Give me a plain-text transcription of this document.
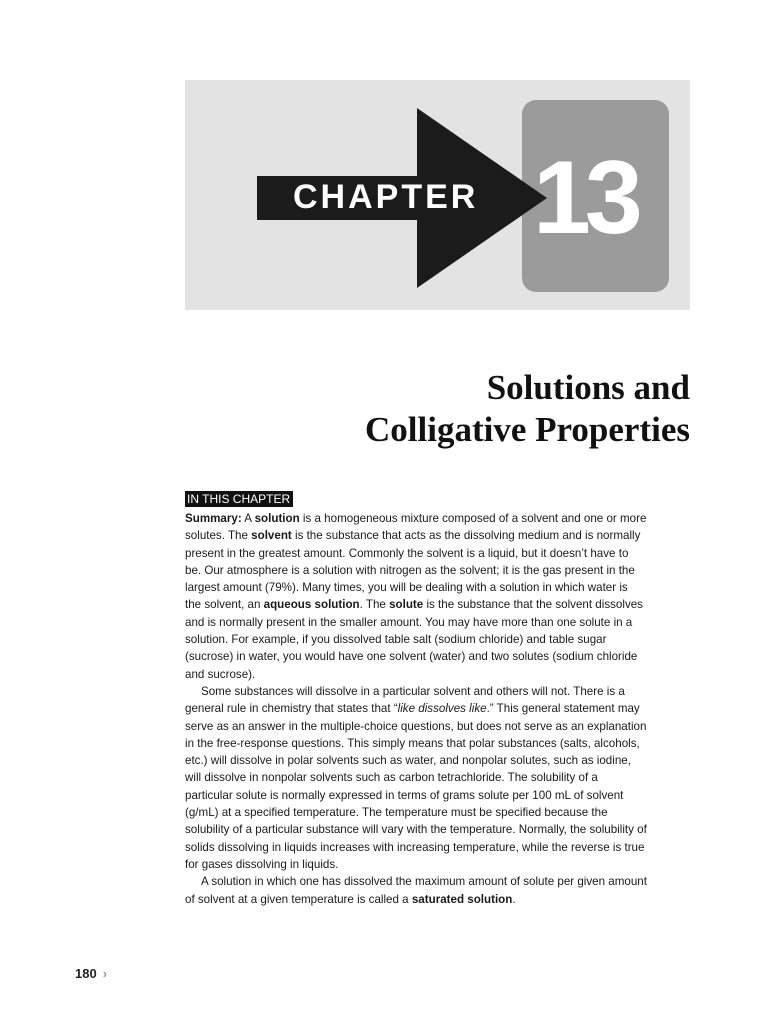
CHAPTER 13
Solutions and
Colligative Properties
IN THIS CHAPTER

Summary: A solution is a homogeneous mixture composed of a solvent and one or more solutes. The solvent is the substance that acts as the dissolving medium and is normally present in the greatest amount. Commonly the solvent is a liquid, but it doesn’t have to be. Our atmosphere is a solution with nitrogen as the solvent; it is the gas present in the largest amount (79%). Many times, you will be dealing with a solution in which water is the solvent, an aqueous solution. The solute is the substance that the solvent dissolves and is normally present in the smaller amount. You may have more than one solute in a solution. For example, if you dissolved table salt (sodium chloride) and table sugar (sucrose) in water, you would have one solvent (water) and two solutes (sodium chloride and sucrose).

Some substances will dissolve in a particular solvent and others will not. There is a general rule in chemistry that states that “like dissolves like.” This general statement may serve as an answer in the multiple-choice questions, but does not serve as an explanation in the free-response questions. This simply means that polar substances (salts, alcohols, etc.) will dissolve in polar solvents such as water, and nonpolar solutes, such as iodine, will dissolve in nonpolar solvents such as carbon tetrachloride. The solubility of a particular solute is normally expressed in terms of grams solute per 100 mL of solvent (g/mL) at a specified temperature. The temperature must be specified because the solubility of a particular substance will vary with the temperature. Normally, the solubility of solids dissolving in liquids increases with increasing temperature, while the reverse is true for gases dissolving in liquids.

A solution in which one has dissolved the maximum amount of solute per given amount of solvent at a given temperature is called a saturated solution.

180 ›
